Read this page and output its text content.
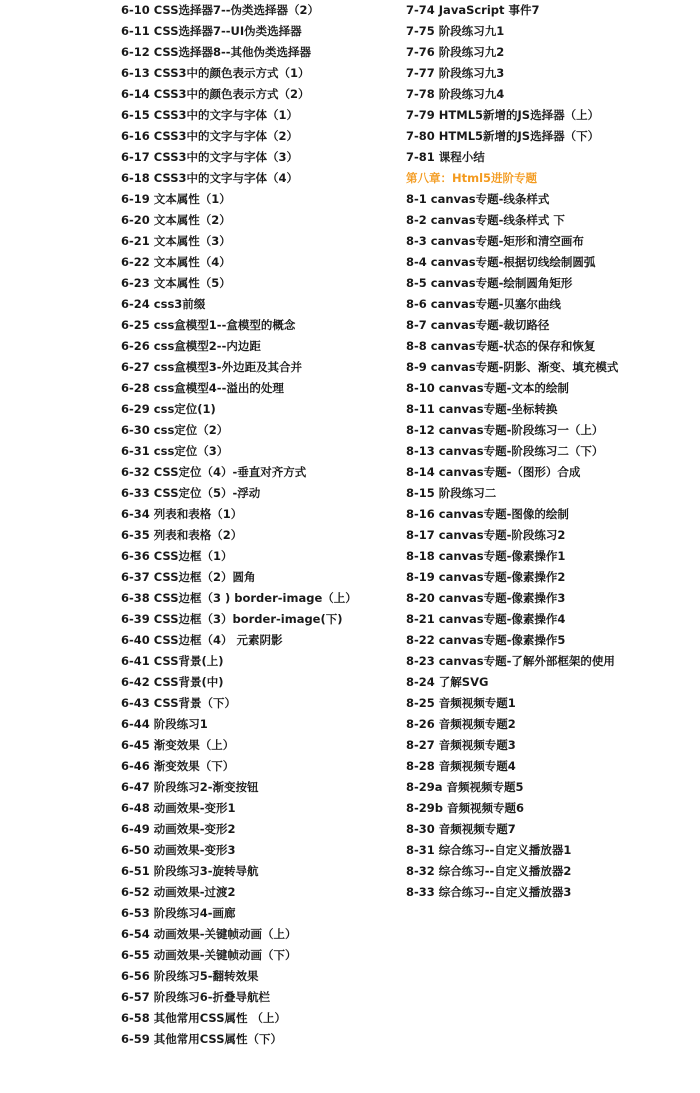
6-10 CSS选择器7--伪类选择器（2）
6-11 CSS选择器7--UI伪类选择器
6-12 CSS选择器8--其他伪类选择器
6-13 CSS3中的颜色表示方式（1）
6-14 CSS3中的颜色表示方式（2）
6-15 CSS3中的文字与字体（1）
6-16 CSS3中的文字与字体（2）
6-17 CSS3中的文字与字体（3）
6-18 CSS3中的文字与字体（4）
6-19 文本属性（1）
6-20 文本属性（2）
6-21 文本属性（3）
6-22 文本属性（4）
6-23 文本属性（5）
6-24 css3前缀
6-25 css盒模型1--盒模型的概念
6-26 css盒模型2--内边距
6-27 css盒模型3-外边距及其合并
6-28 css盒模型4--溢出的处理
6-29 css定位(1)
6-30 css定位（2）
6-31 css定位（3）
6-32 CSS定位（4）-垂直对齐方式
6-33 CSS定位（5）-浮动
6-34 列表和表格（1）
6-35 列表和表格（2）
6-36 CSS边框（1）
6-37 CSS边框（2）圆角
6-38 CSS边框（3 ) border-image（上）
6-39 CSS边框（3）border-image(下)
6-40 CSS边框（4） 元素阴影
6-41 CSS背景(上)
6-42 CSS背景(中)
6-43 CSS背景（下）
6-44 阶段练习1
6-45 渐变效果（上）
6-46 渐变效果（下）
6-47 阶段练习2-渐变按钮
6-48 动画效果-变形1
6-49 动画效果-变形2
6-50 动画效果-变形3
6-51 阶段练习3-旋转导航
6-52 动画效果-过渡2
6-53 阶段练习4-画廊
6-54 动画效果-关键帧动画（上）
6-55 动画效果-关键帧动画（下）
6-56 阶段练习5-翻转效果
6-57 阶段练习6-折叠导航栏
6-58 其他常用CSS属性 （上）
6-59 其他常用CSS属性（下）
7-74 JavaScript 事件7
7-75 阶段练习九1
7-76 阶段练习九2
7-77 阶段练习九3
7-78 阶段练习九4
7-79 HTML5新增的JS选择器（上）
7-80 HTML5新增的JS选择器（下）
7-81 课程小结
第八章：Html5进阶专题
8-1 canvas专题-线条样式
8-2 canvas专题-线条样式 下
8-3 canvas专题-矩形和清空画布
8-4 canvas专题-根据切线绘制圆弧
8-5 canvas专题-绘制圆角矩形
8-6 canvas专题-贝塞尔曲线
8-7 canvas专题-裁切路径
8-8 canvas专题-状态的保存和恢复
8-9 canvas专题-阴影、渐变、填充模式
8-10 canvas专题-文本的绘制
8-11 canvas专题-坐标转换
8-12 canvas专题-阶段练习一（上）
8-13 canvas专题-阶段练习二（下）
8-14 canvas专题-（图形）合成
8-15 阶段练习二
8-16 canvas专题-图像的绘制
8-17 canvas专题-阶段练习2
8-18 canvas专题-像素操作1
8-19 canvas专题-像素操作2
8-20 canvas专题-像素操作3
8-21 canvas专题-像素操作4
8-22 canvas专题-像素操作5
8-23 canvas专题-了解外部框架的使用
8-24 了解SVG
8-25 音频视频专题1
8-26 音频视频专题2
8-27 音频视频专题3
8-28 音频视频专题4
8-29a 音频视频专题5
8-29b 音频视频专题6
8-30 音频视频专题7
8-31 综合练习--自定义播放器1
8-32 综合练习--自定义播放器2
8-33 综合练习--自定义播放器3
